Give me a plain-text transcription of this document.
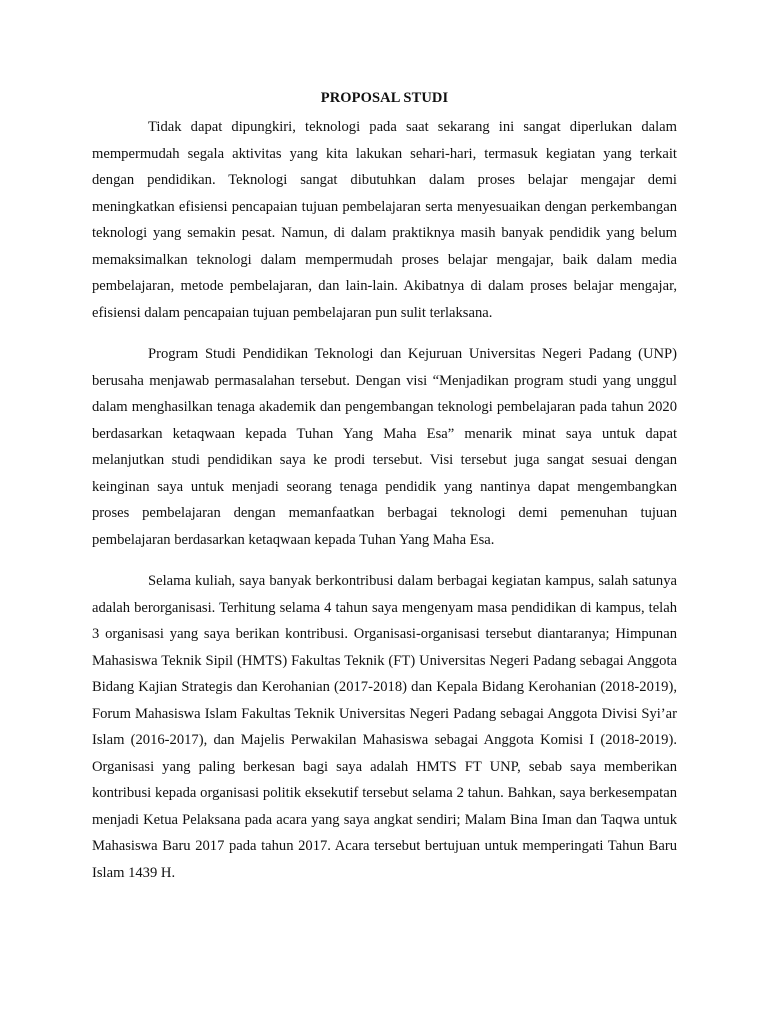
PROPOSAL STUDI

Tidak dapat dipungkiri, teknologi pada saat sekarang ini sangat diperlukan dalam mempermudah segala aktivitas yang kita lakukan sehari-hari, termasuk kegiatan yang terkait dengan pendidikan. Teknologi sangat dibutuhkan dalam proses belajar mengajar demi meningkatkan efisiensi pencapaian tujuan pembelajaran serta menyesuaikan dengan perkembangan teknologi yang semakin pesat. Namun, di dalam praktiknya masih banyak pendidik yang belum memaksimalkan teknologi dalam mempermudah proses belajar mengajar, baik dalam media pembelajaran, metode pembelajaran, dan lain-lain. Akibatnya di dalam proses belajar mengajar, efisiensi dalam pencapaian tujuan pembelajaran pun sulit terlaksana.

Program Studi Pendidikan Teknologi dan Kejuruan Universitas Negeri Padang (UNP) berusaha menjawab permasalahan tersebut. Dengan visi “Menjadikan program studi yang unggul dalam menghasilkan tenaga akademik dan pengembangan teknologi pembelajaran pada tahun 2020 berdasarkan ketaqwaan kepada Tuhan Yang Maha Esa” menarik minat saya untuk dapat melanjutkan studi pendidikan saya ke prodi tersebut. Visi tersebut juga sangat sesuai dengan keinginan saya untuk menjadi seorang tenaga pendidik yang nantinya dapat mengembangkan proses pembelajaran dengan memanfaatkan berbagai teknologi demi pemenuhan tujuan pembelajaran berdasarkan ketaqwaan kepada Tuhan Yang Maha Esa.

Selama kuliah, saya banyak berkontribusi dalam berbagai kegiatan kampus, salah satunya adalah berorganisasi. Terhitung selama 4 tahun saya mengenyam masa pendidikan di kampus, telah 3 organisasi yang saya berikan kontribusi. Organisasi-organisasi tersebut diantaranya; Himpunan Mahasiswa Teknik Sipil (HMTS) Fakultas Teknik (FT) Universitas Negeri Padang sebagai Anggota Bidang Kajian Strategis dan Kerohanian (2017-2018) dan Kepala Bidang Kerohanian (2018-2019), Forum Mahasiswa Islam Fakultas Teknik Universitas Negeri Padang sebagai Anggota Divisi Syi’ar Islam (2016-2017), dan Majelis Perwakilan Mahasiswa sebagai Anggota Komisi I (2018-2019). Organisasi yang paling berkesan bagi saya adalah HMTS FT UNP, sebab saya memberikan kontribusi kepada organisasi politik eksekutif tersebut selama 2 tahun. Bahkan, saya berkesempatan menjadi Ketua Pelaksana pada acara yang saya angkat sendiri; Malam Bina Iman dan Taqwa untuk Mahasiswa Baru 2017 pada tahun 2017. Acara tersebut bertujuan untuk memperingati Tahun Baru Islam 1439 H.
